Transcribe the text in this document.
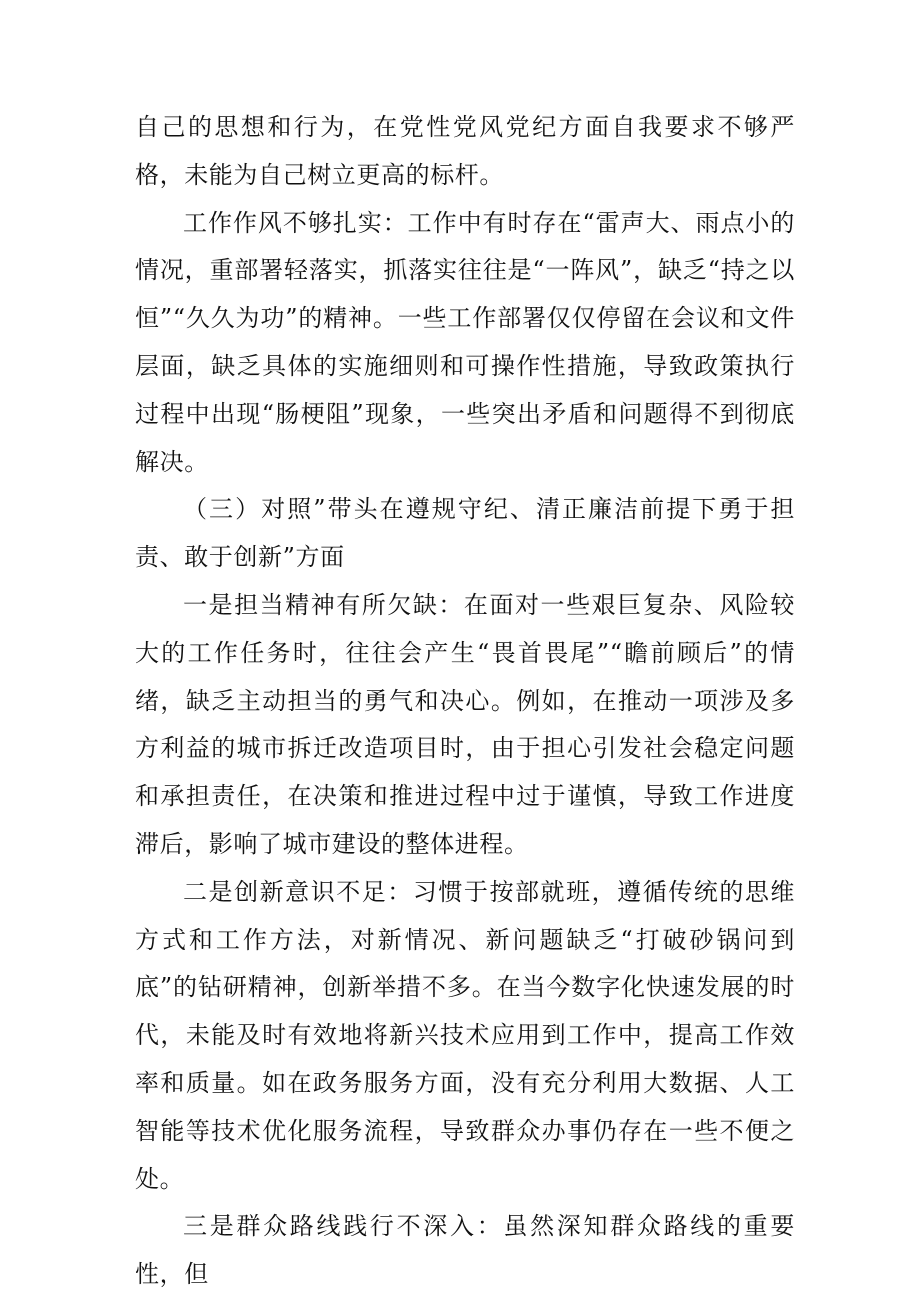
自己的思想和行为，在党性党风党纪方面自我要求不够严格，未能为自己树立更高的标杆。

工作作风不够扎实：工作中有时存在“雷声大、雨点小的情况，重部署轻落实，抓落实往往是“一阵风”，缺乏“持之以恒”“久久为功”的精神。一些工作部署仅仅停留在会议和文件层面，缺乏具体的实施细则和可操作性措施，导致政策执行过程中出现“肠梗阻”现象，一些突出矛盾和问题得不到彻底解决。

（三）对照”带头在遵规守纪、清正廉洁前提下勇于担责、敢于创新”方面

一是担当精神有所欠缺：在面对一些艰巨复杂、风险较大的工作任务时，往往会产生“畏首畏尾”“瞻前顾后”的情绪，缺乏主动担当的勇气和决心。例如，在推动一项涉及多方利益的城市拆迁改造项目时，由于担心引发社会稳定问题和承担责任，在决策和推进过程中过于谨慎，导致工作进度滞后，影响了城市建设的整体进程。

二是创新意识不足：习惯于按部就班，遵循传统的思维方式和工作方法，对新情况、新问题缺乏“打破砂锅问到底”的钻研精神，创新举措不多。在当今数字化快速发展的时代，未能及时有效地将新兴技术应用到工作中，提高工作效率和质量。如在政务服务方面，没有充分利用大数据、人工智能等技术优化服务流程，导致群众办事仍存在一些不便之处。

三是群众路线践行不深入：虽然深知群众路线的重要性，但
